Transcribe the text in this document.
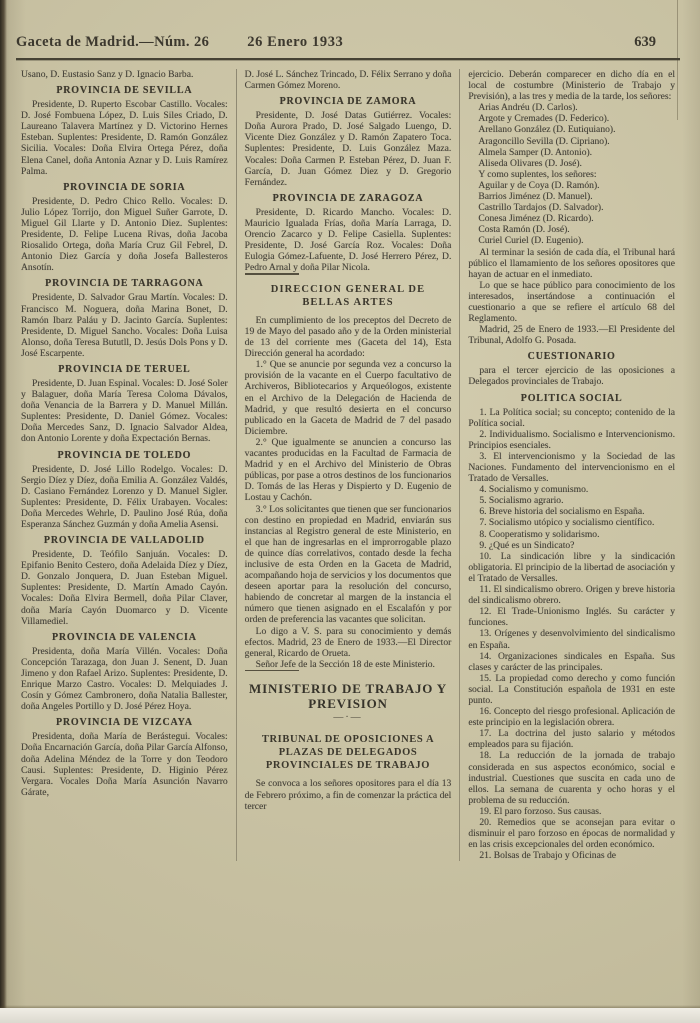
Gaceta de Madrid.—Núm. 26	26 Enero 1933	639

Usano, D. Eustasio Sanz y D. Ignacio Barba.

PROVINCIA DE SEVILLA

Presidente, D. Ruperto Escobar Castillo. Vocales: D. José Fombuena López, D. Luis Siles Criado, D. Laureano Talavera Martínez y D. Victorino Hernes Esteban. Suplentes: Presidente, D. Ramón González Sicilia. Vocales: Doña Elvira Ortega Pérez, doña Elena Canel, doña Antonia Aznar y D. Luis Ramírez Palma.

PROVINCIA DE SORIA

Presidente, D. Pedro Chico Rello. Vocales: D. Julio López Torrijo, don Miguel Suñer Garrote, D. Miguel Gil Llarte y D. Antonio Diez. Suplentes: Presidente, D. Felipe Lucena Rivas, doña Jacoba Riosalido Ortega, doña María Cruz Gil Febrel, D. Antonio Diez García y doña Josefa Ballesteros Ansotín.

PROVINCIA DE TARRAGONA

Presidente, D. Salvador Grau Martín. Vocales: D. Francisco M. Noguera, doña Marina Bonet, D. Ramón Ibarz Paláu y D. Jacinto García. Suplentes: Presidente, D. Miguel Sancho. Vocales: Doña Luisa Alonso, doña Teresa Bututll, D. Jesús Dols Pons y D. José Escarpente.

PROVINCIA DE TERUEL

Presidente, D. Juan Espinal. Vocales: D. José Soler y Balaguer, doña María Teresa Coloma Dávalos, doña Venancia de la Barrera y D. Manuel Millán. Suplentes: Presidente, D. Daniel Gómez. Vocales: Doña Mercedes Sanz, D. Ignacio Salvador Aldea, don Antonio Lorente y doña Expectación Bernas.

PROVINCIA DE TOLEDO

Presidente, D. José Lillo Rodelgo. Vocales: D. Sergio Díez y Díez, doña Emilia A. González Valdés, D. Casiano Fernández Lorenzo y D. Manuel Sigler. Suplentes: Presidente, D. Félix Urabayen. Vocales: Doña Mercedes Wehrle, D. Paulino José Rúa, doña Esperanza Sánchez Guzmán y doña Amelia Asensi.

PROVINCIA DE VALLADOLID

Presidente, D. Teófilo Sanjuán. Vocales: D. Epifanio Benito Cestero, doña Adelaida Díez y Díez, D. Gonzalo Jonquera, D. Juan Esteban Miguel. Suplentes: Presidente, D. Martín Amado Cayón. Vocales: Doña Elvira Bermell, doña Pilar Claver, doña María Cayón Duomarco y D. Vicente Villamediel.

PROVINCIA DE VALENCIA

Presidenta, doña María Villén. Vocales: Doña Concepción Tarazaga, don Juan J. Senent, D. Juan Jimeno y don Rafael Arizo. Suplentes: Presidente, D. Enrique Marzo Castro. Vocales: D. Melquiades J. Cosín y Gómez Cambronero, doña Natalia Ballester, doña Angeles Portillo y D. José Pérez Hoya.

PROVINCIA DE VIZCAYA

Presidenta, doña María de Berástegui. Vocales: Doña Encarnación García, doña Pilar García Alfonso, doña Adelina Méndez de la Torre y don Teodoro Causi. Suplentes: Presidente, D. Higinio Pérez Vergara. Vocales Doña María Asunción Navarro Gárate,

D. José L. Sánchez Trincado, D. Félix Serrano y doña Carmen Gómez Moreno.

PROVINCIA DE ZAMORA

Presidente, D. José Datas Gutiérrez. Vocales: Doña Aurora Prado, D. José Salgado Luengo, D. Vicente Diez González y D. Ramón Zapatero Toca. Suplentes: Presidente, D. Luis González Maza. Vocales: Doña Carmen P. Esteban Pérez, D. Juan F. García, D. Juan Gómez Diez y D. Gregorio Fernández.

PROVINCIA DE ZARAGOZA

Presidente, D. Ricardo Mancho. Vocales: D. Mauricio Igualada Frías, doña María Larraga, D. Orencio Zacarco y D. Felipe Casiella. Suplentes: Presidente, D. José García Roz. Vocales: Doña Eulogia Gómez-Lafuente, D. José Herrero Pérez, D. Pedro Arnal y doña Pilar Nicola.

DIRECCION GENERAL DE BELLAS ARTES

En cumplimiento de los preceptos del Decreto de 19 de Mayo del pasado año y de la Orden ministerial de 13 del corriente mes (Gaceta del 14), Esta Dirección general ha acordado:

1.° Que se anuncie por segunda vez a concurso la provisión de la vacante en el Cuerpo facultativo de Archiveros, Bibliotecarios y Arqueólogos, existente en el Archivo de la Delegación de Hacienda de Madrid, y que resultó desierta en el concurso publicado en la Gaceta de Madrid de 7 del pasado Diciembre.

2.° Que igualmente se anuncien a concurso las vacantes producidas en la Facultad de Farmacia de Madrid y en el Archivo del Ministerio de Obras públicas, por pase a otros destinos de los funcionarios D. Tomás de las Heras y Dispierto y D. Eugenio de Lostau y Cachón.

3.° Los solicitantes que tienen que ser funcionarios con destino en propiedad en Madrid, enviarán sus instancias al Registro general de este Ministerio, en el que han de ingresarlas en el improrrogable plazo de quince días correlativos, contado desde la fecha inclusive de esta Orden en la Gaceta de Madrid, acompañando hoja de servicios y los documentos que deseen aportar para la resolución del concurso, habiendo de concretar al margen de la instancia el número que tienen asignado en el Escalafón y por orden de preferencia las vacantes que solicitan.

Lo digo a V. S. para su conocimiento y demás efectos. Madrid, 23 de Enero de 1933.—El Director general, Ricardo de Orueta.

Señor Jefe de la Sección 18 de este Ministerio.

MINISTERIO DE TRABAJO Y PREVISION

—·—

TRIBUNAL DE OPOSICIONES A PLAZAS DE DELEGADOS PROVINCIALES DE TRABAJO

Se convoca a los señores opositores para el día 13 de Febrero próximo, a fin de comenzar la práctica del tercer

ejercicio. Deberán comparecer en dicho día en el local de costumbre (Ministerio de Trabajo y Previsión), a las tres y media de la tarde, los señores:

Arias Andréu (D. Carlos).

Argote y Cremades (D. Federico).

Arellano González (D. Eutiquiano).

Aragoncillo Sevilla (D. Cipriano).

Almela Samper (D. Antonio).

Aliseda Olivares (D. José).

Y como suplentes, los señores:

Aguilar y de Coya (D. Ramón).

Barrios Jiménez (D. Manuel).

Castrillo Tardajos (D. Salvador).

Conesa Jiménez (D. Ricardo).

Costa Ramón (D. José).

Curiel Curiel (D. Eugenio).

Al terminar la sesión de cada día, el Tribunal hará público el llamamiento de los señores opositores que hayan de actuar en el inmediato.

Lo que se hace público para conocimiento de los interesados, insertándose a continuación el cuestionario a que se refiere el artículo 68 del Reglamento.

Madrid, 25 de Enero de 1933.—El Presidente del Tribunal, Adolfo G. Posada.

CUESTIONARIO

para el tercer ejercicio de las oposiciones a Delegados provinciales de Trabajo.

POLITICA SOCIAL

1. La Política social; su concepto; contenido de la Política social.

2. Individualismo. Socialismo e Intervencionismo. Principios esenciales.

3. El intervencionismo y la Sociedad de las Naciones. Fundamento del intervencionismo en el Tratado de Versalles.

4. Socialismo y comunismo.

5. Socialismo agrario.

6. Breve historia del socialismo en España.

7. Socialismo utópico y socialismo científico.

8. Cooperatismo y solidarismo.

9. ¿Qué es un Sindicato?

10. La sindicación libre y la sindicación obligatoria. El principio de la libertad de asociación y el Tratado de Versalles.

11. El sindicalismo obrero. Origen y breve historia del sindicalismo obrero.

12. El Trade-Unionismo Inglés. Su carácter y funciones.

13. Orígenes y desenvolvimiento del sindicalismo en España.

14. Organizaciones sindicales en España. Sus clases y carácter de las principales.

15. La propiedad como derecho y como función social. La Constitución española de 1931 en este punto.

16. Concepto del riesgo profesional. Aplicación de este principio en la legislación obrera.

17. La doctrina del justo salario y métodos empleados para su fijación.

18. La reducción de la jornada de trabajo considerada en sus aspectos económico, social e industrial. Cuestiones que suscita en cada uno de ellos. La semana de cuarenta y ocho horas y el problema de su reducción.

19. El paro forzoso. Sus causas.

20. Remedios que se aconsejan para evitar o disminuir el paro forzoso en épocas de normalidad y en las crisis excepcionales del orden económico.

21. Bolsas de Trabajo y Oficinas de
